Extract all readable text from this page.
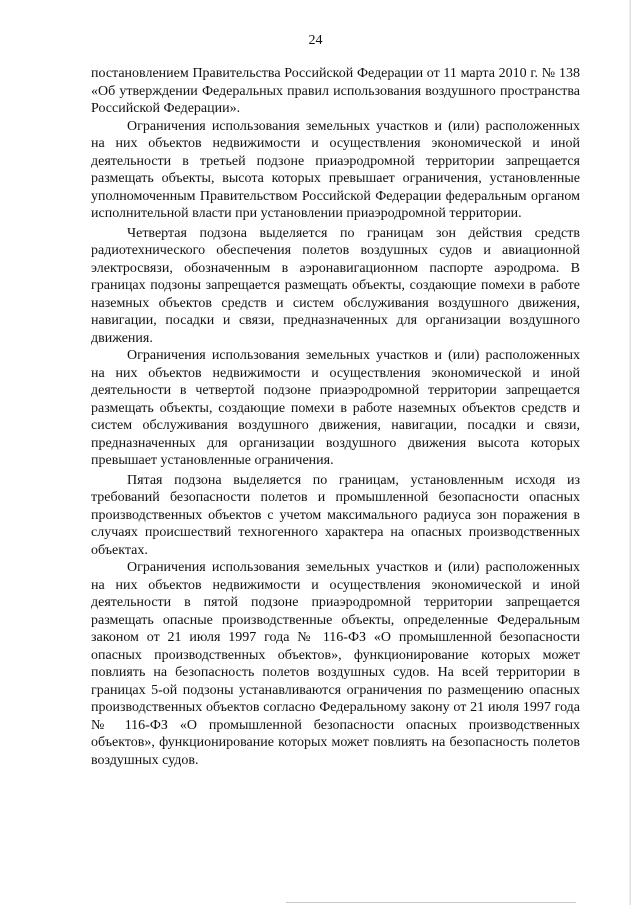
24

постановлением Правительства Российской Федерации от 11 марта 2010 г. № 138 «Об утверждении Федеральных правил использования воздушного пространства Российской Федерации».

Ограничения использования земельных участков и (или) расположенных на них объектов недвижимости и осуществления экономической и иной деятельности в третьей подзоне приаэродромной территории запрещается размещать объекты, высота которых превышает ограничения, установленные уполномоченным Правительством Российской Федерации федеральным органом исполнительной власти при установлении приаэродромной территории.

Четвертая подзона выделяется по границам зон действия средств радиотехнического обеспечения полетов воздушных судов и авиационной электросвязи, обозначенным в аэронавигационном паспорте аэродрома. В границах подзоны запрещается размещать объекты, создающие помехи в работе наземных объектов средств и систем обслуживания воздушного движения, навигации, посадки и связи, предназначенных для организации воздушного движения.

Ограничения использования земельных участков и (или) расположенных на них объектов недвижимости и осуществления экономической и иной деятельности в четвертой подзоне приаэродромной территории запрещается размещать объекты, создающие помехи в работе наземных объектов средств и систем обслуживания воздушного движения, навигации, посадки и связи, предназначенных для организации воздушного движения высота которых превышает установленные ограничения.

Пятая подзона выделяется по границам, установленным исходя из требований безопасности полетов и промышленной безопасности опасных производственных объектов с учетом максимального радиуса зон поражения в случаях происшествий техногенного характера на опасных производственных объектах.

Ограничения использования земельных участков и (или) расположенных на них объектов недвижимости и осуществления экономической и иной деятельности в пятой подзоне приаэродромной территории запрещается размещать опасные производственные объекты, определенные Федеральным законом от 21 июля 1997 года № 116-ФЗ «О промышленной безопасности опасных производственных объектов», функционирование которых может повлиять на безопасность полетов воздушных судов. На всей территории в границах 5-ой подзоны устанавливаются ограничения по размещению опасных производственных объектов согласно Федеральному закону от 21 июля 1997 года № 116-ФЗ «О промышленной безопасности опасных производственных объектов», функционирование которых может повлиять на безопасность полетов воздушных судов.
